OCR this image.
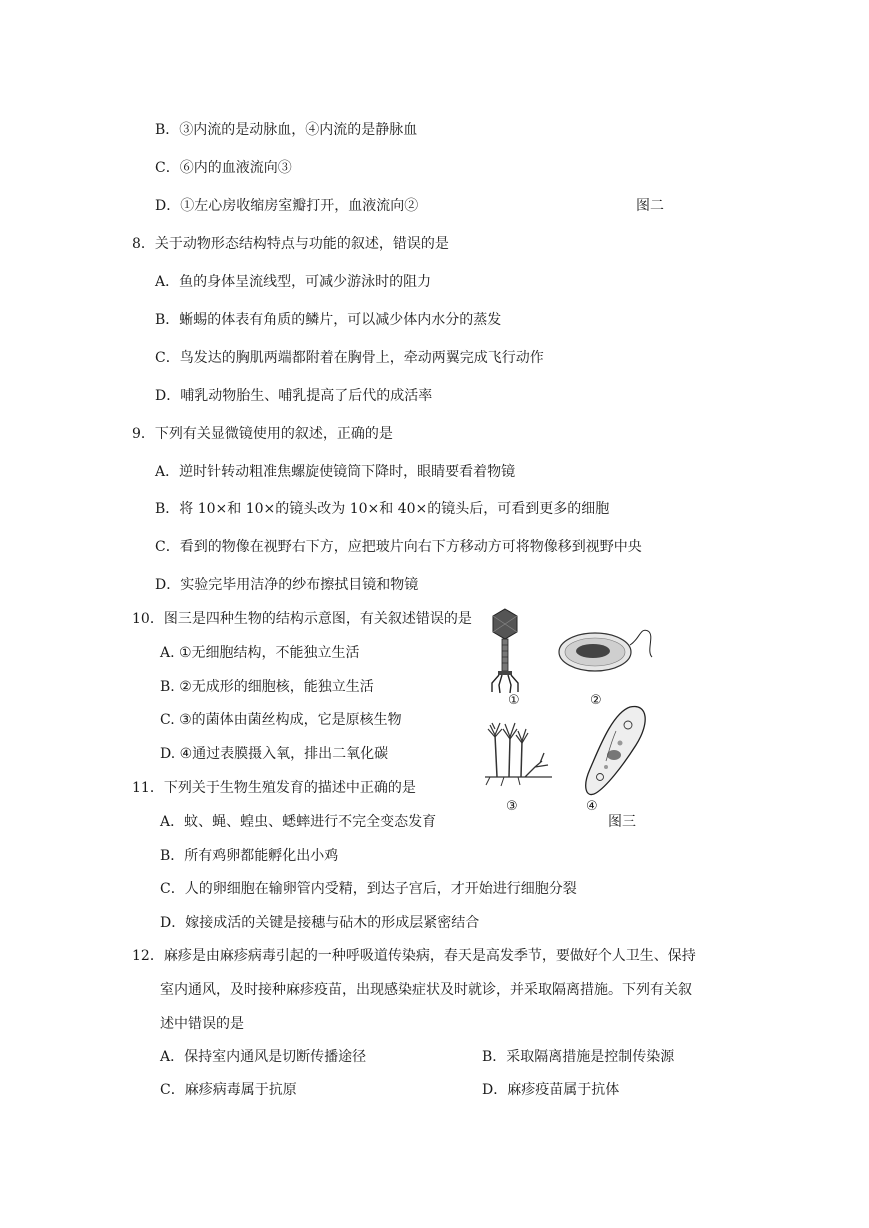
B．③内流的是动脉血，④内流的是静脉血
C．⑥内的血液流向③
D．①左心房收缩房室瓣打开，血液流向②	图二
8．关于动物形态结构特点与功能的叙述，错误的是
A．鱼的身体呈流线型，可减少游泳时的阻力
B．蜥蜴的体表有角质的鳞片，可以减少体内水分的蒸发
C．鸟发达的胸肌两端都附着在胸骨上，牵动两翼完成飞行动作
D．哺乳动物胎生、哺乳提高了后代的成活率
9．下列有关显微镜使用的叙述，正确的是
A．逆时针转动粗准焦螺旋使镜筒下降时，眼睛要看着物镜
B．将 10×和 10×的镜头改为 10×和 40×的镜头后，可看到更多的细胞
C．看到的物像在视野右下方，应把玻片向右下方移动方可将物像移到视野中央
D．实验完毕用洁净的纱布擦拭目镜和物镜
10．图三是四种生物的结构示意图，有关叙述错误的是
A. ①无细胞结构，不能独立生活
B. ②无成形的细胞核，能独立生活
C. ③的菌体由菌丝构成，它是原核生物
D. ④通过表膜摄入氧，排出二氧化碳
①	②
③	④
11．下列关于生物生殖发育的描述中正确的是
A．蚊、蝇、蝗虫、蟋蟀进行不完全变态发育	图三
B．所有鸡卵都能孵化出小鸡
C．人的卵细胞在输卵管内受精，到达子宫后，才开始进行细胞分裂
D．嫁接成活的关键是接穗与砧木的形成层紧密结合
12．麻疹是由麻疹病毒引起的一种呼吸道传染病，春天是高发季节，要做好个人卫生、保持
室内通风，及时接种麻疹疫苗，出现感染症状及时就诊，并采取隔离措施。下列有关叙
述中错误的是
A．保持室内通风是切断传播途径	B．采取隔离措施是控制传染源
C．麻疹病毒属于抗原	D．麻疹疫苗属于抗体
